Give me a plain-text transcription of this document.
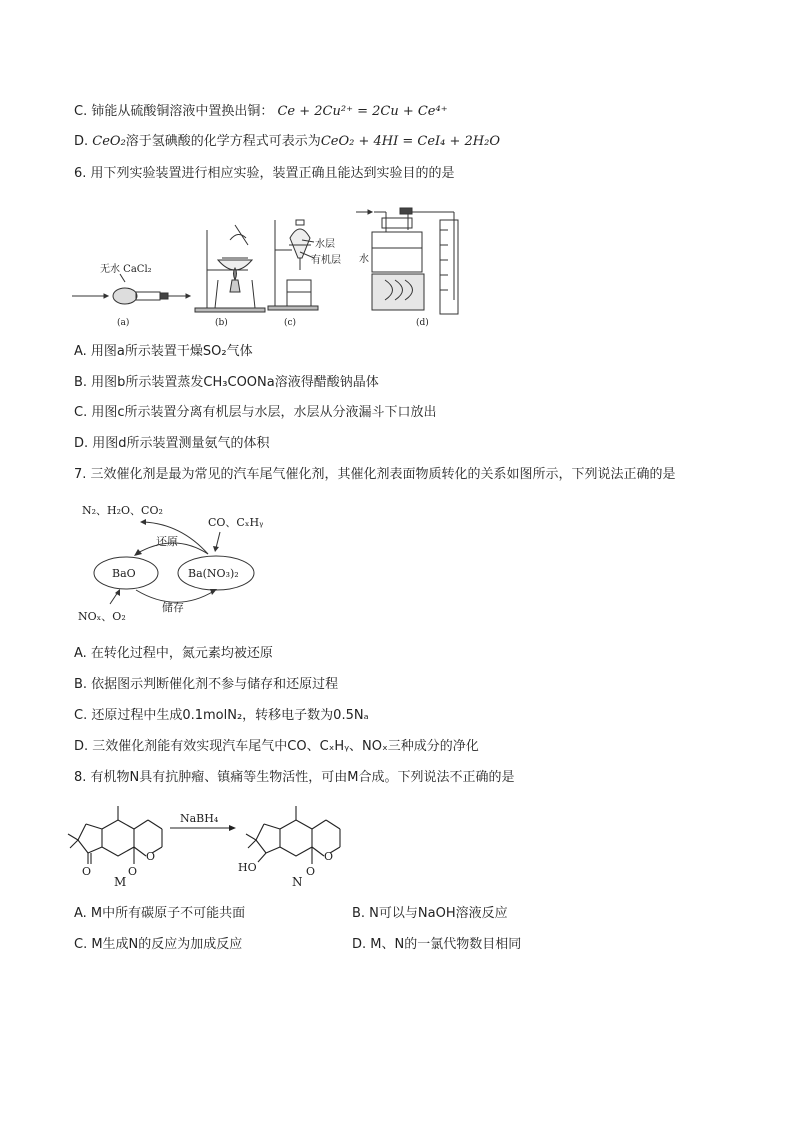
C. 铈能从硫酸铜溶液中置换出铜： Ce + 2Cu²⁺ = 2Cu + Ce⁴⁺
D. CeO₂溶于氢碘酸的化学方程式可表示为CeO₂ + 4HI = CeI₄ + 2H₂O
6. 用下列实验装置进行相应实验，装置正确且能达到实验目的的是
无水 CaCl₂
(a)	(b)
水层
有机层
(c)
水
(d)
A. 用图a所示装置干燥SO₂气体
B. 用图b所示装置蒸发CH₃COONa溶液得醋酸钠晶体
C. 用图c所示装置分离有机层与水层，水层从分液漏斗下口放出
D. 用图d所示装置测量氨气的体积
7. 三效催化剂是最为常见的汽车尾气催化剂，其催化剂表面物质转化的关系如图所示，下列说法正确的是
N₂、H₂O、CO₂
CO、CₓHᵧ
BaO	Ba(NO₃)₂
还原
储存
NOₓ、O₂
A. 在转化过程中，氮元素均被还原
B. 依据图示判断催化剂不参与储存和还原过程
C. 还原过程中生成0.1molN₂，转移电子数为0.5Nₐ
D. 三效催化剂能有效实现汽车尾气中CO、CₓHᵧ、NOₓ三种成分的净化
8. 有机物N具有抗肿瘤、镇痛等生物活性，可由M合成。下列说法不正确的是
O	O
O
M
NaBH₄
HO	O
O
N
A. M中所有碳原子不可能共面	B. N可以与NaOH溶液反应
C. M生成N的反应为加成反应	D. M、N的一氯代物数目相同
